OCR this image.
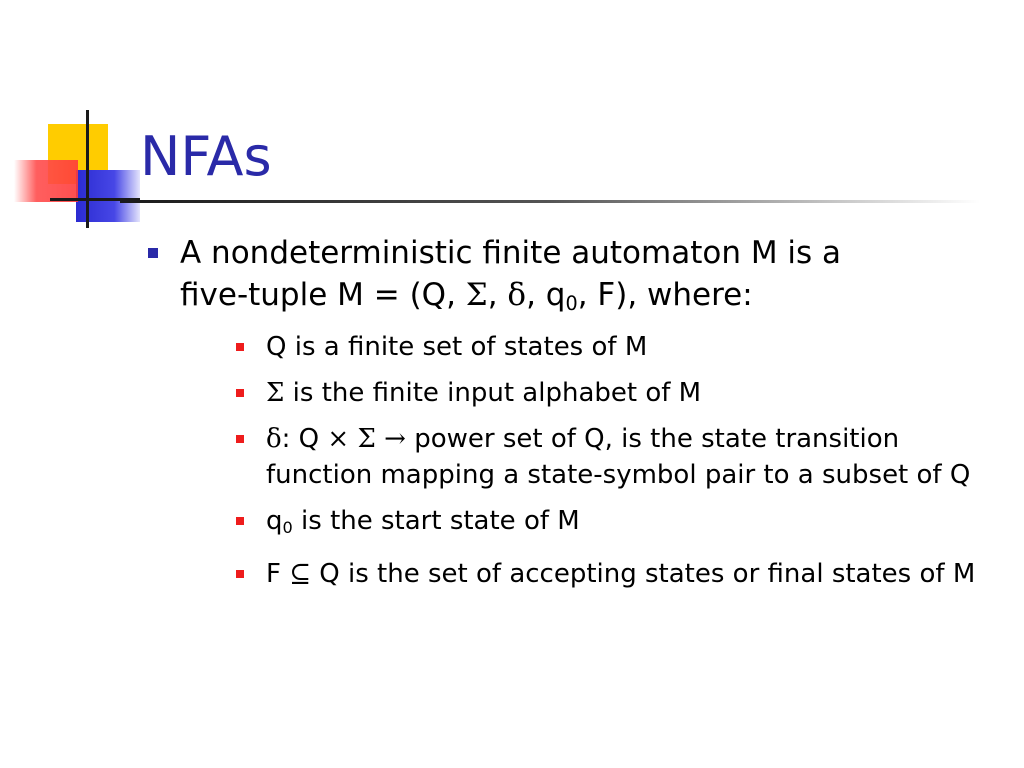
NFAs
A nondeterministic finite automaton M is a
five-tuple M = (Q, Σ, δ, $q_0$, F), where:
Q is a finite set of states of M
Σ is the finite input alphabet of M
δ: Q × Σ → power set of Q, is the state transition function mapping a state-symbol pair to a subset of Q
$q_0$ is the start state of M
F ⊆ Q is the set of accepting states or final states of M
